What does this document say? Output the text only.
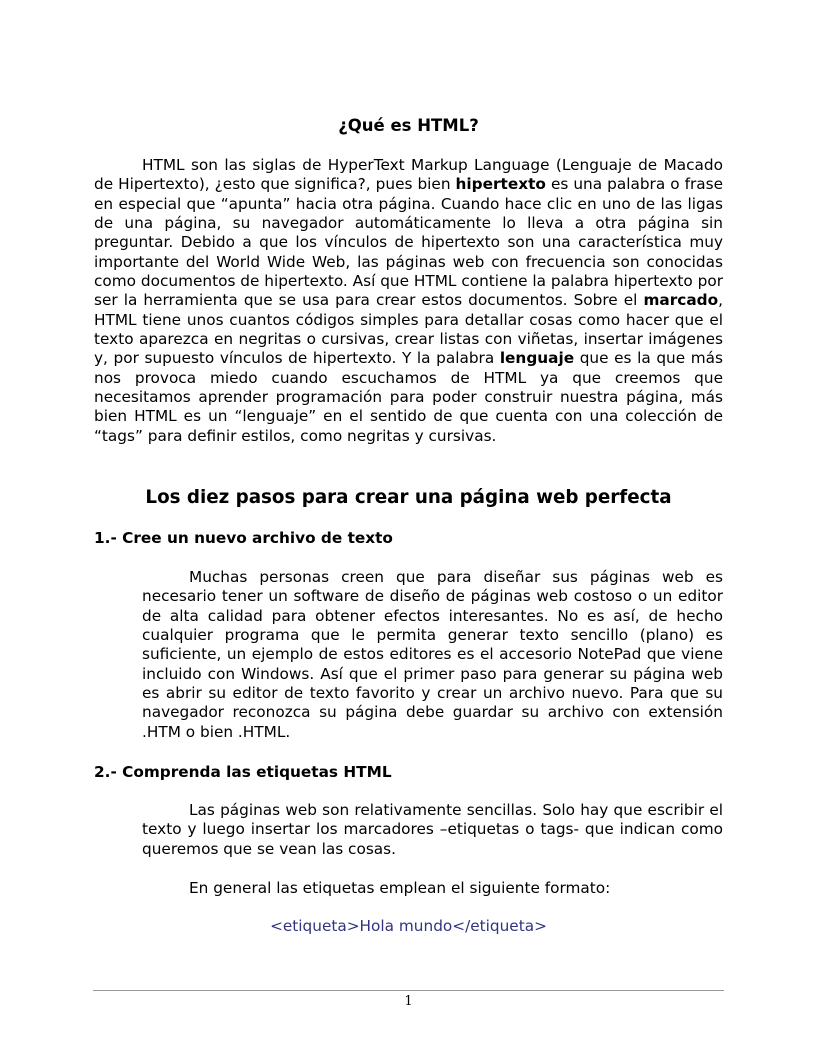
¿Qué es HTML?

HTML son las siglas de HyperText Markup Language (Lenguaje de Macado de Hipertexto), ¿esto que significa?, pues bien hipertexto es una palabra o frase en especial que “apunta” hacia otra página. Cuando hace clic en uno de las ligas de una página, su navegador automáticamente lo lleva a otra página sin preguntar. Debido a que los vínculos de hipertexto son una característica muy importante del World Wide Web, las páginas web con frecuencia son conocidas como documentos de hipertexto. Así que HTML contiene la palabra hipertexto por ser la herramienta que se usa para crear estos documentos. Sobre el marcado, HTML tiene unos cuantos códigos simples para detallar cosas como hacer que el texto aparezca en negritas o cursivas, crear listas con viñetas, insertar imágenes y, por supuesto vínculos de hipertexto. Y la palabra lenguaje que es la que más nos provoca miedo cuando escuchamos de HTML ya que creemos que necesitamos aprender programación para poder construir nuestra página, más bien HTML es un “lenguaje” en el sentido de que cuenta con una colección de “tags” para definir estilos, como negritas y cursivas.

Los diez pasos para crear una página web perfecta
1.- Cree un nuevo archivo de texto

Muchas personas creen que para diseñar sus páginas web es necesario tener un software de diseño de páginas web costoso o un editor de alta calidad para obtener efectos interesantes. No es así, de hecho cualquier programa que le permita generar texto sencillo (plano) es suficiente, un ejemplo de estos editores es el accesorio NotePad que viene incluido con Windows. Así que el primer paso para generar su página web es abrir su editor de texto favorito y crear un archivo nuevo. Para que su navegador reconozca su página debe guardar su archivo con extensión .HTM o bien .HTML.

2.- Comprenda las etiquetas HTML

Las páginas web son relativamente sencillas. Solo hay que escribir el texto y luego insertar los marcadores –etiquetas o tags- que indican como queremos que se vean las cosas.

En general las etiquetas emplean el siguiente formato:

<etiqueta>Hola mundo</etiqueta>

1
